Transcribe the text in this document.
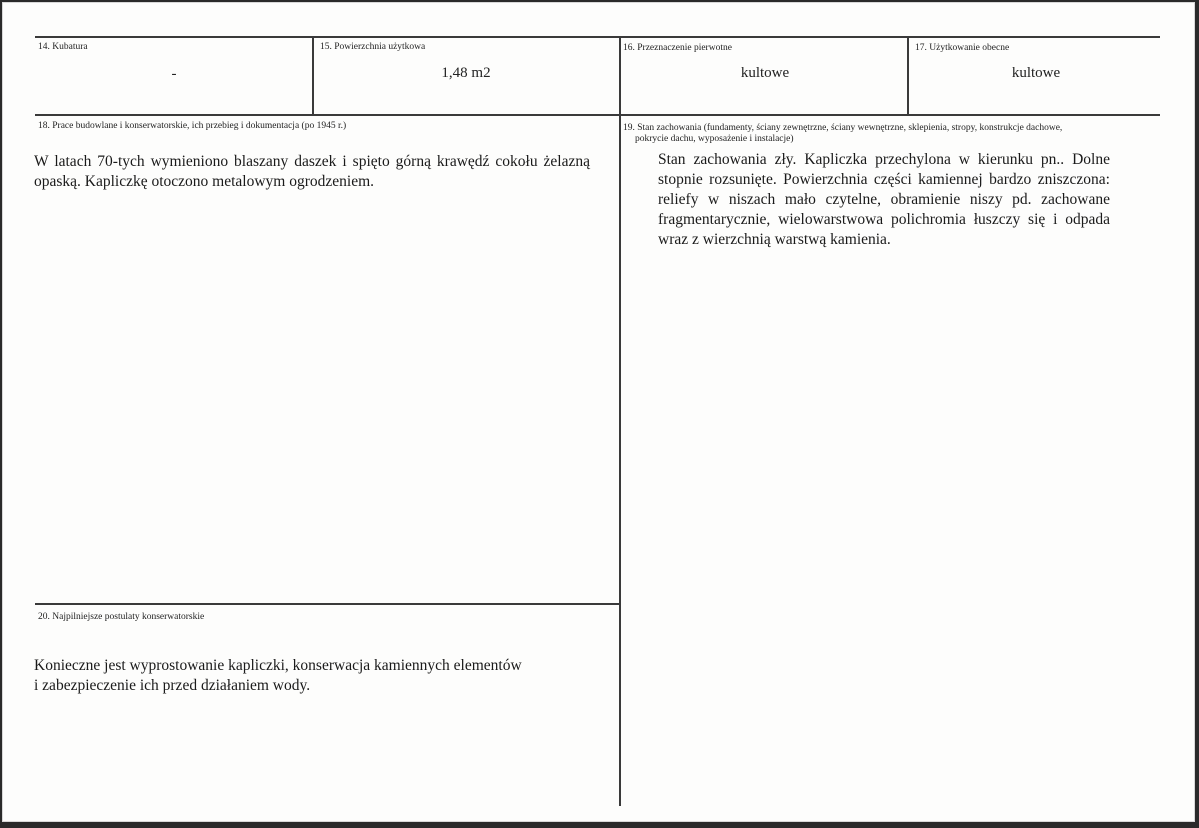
14. Kubatura
-
15. Powierzchnia użytkowa
1,48 m2
16. Przeznaczenie pierwotne
kultowe
17. Użytkowanie obecne
kultowe
18. Prace budowlane i konserwatorskie, ich przebieg i dokumentacja (po 1945 r.)
W latach 70-tych wymieniono blaszany daszek i spięto górną krawędź cokołu żelazną opaską. Kapliczkę otoczono metalowym ogrodzeniem.
19. Stan zachowania (fundamenty, ściany zewnętrzne, ściany wewnętrzne, sklepienia, stropy, konstrukcje dachowe,
pokrycie dachu, wyposażenie i instalacje)
Stan zachowania zły. Kapliczka przechylona w kierunku pn.. Dolne stopnie rozsunięte. Powierzchnia części kamiennej bardzo zniszczona: reliefy w niszach mało czytelne, obramienie niszy pd. zachowane fragmentarycznie, wielowarstwowa polichromia łuszczy się i odpada wraz z wierzchnią warstwą kamienia.
20. Najpilniejsze postulaty konserwatorskie
Konieczne jest wyprostowanie kapliczki, konserwacja kamiennych elementów
i zabezpieczenie ich przed działaniem wody.
